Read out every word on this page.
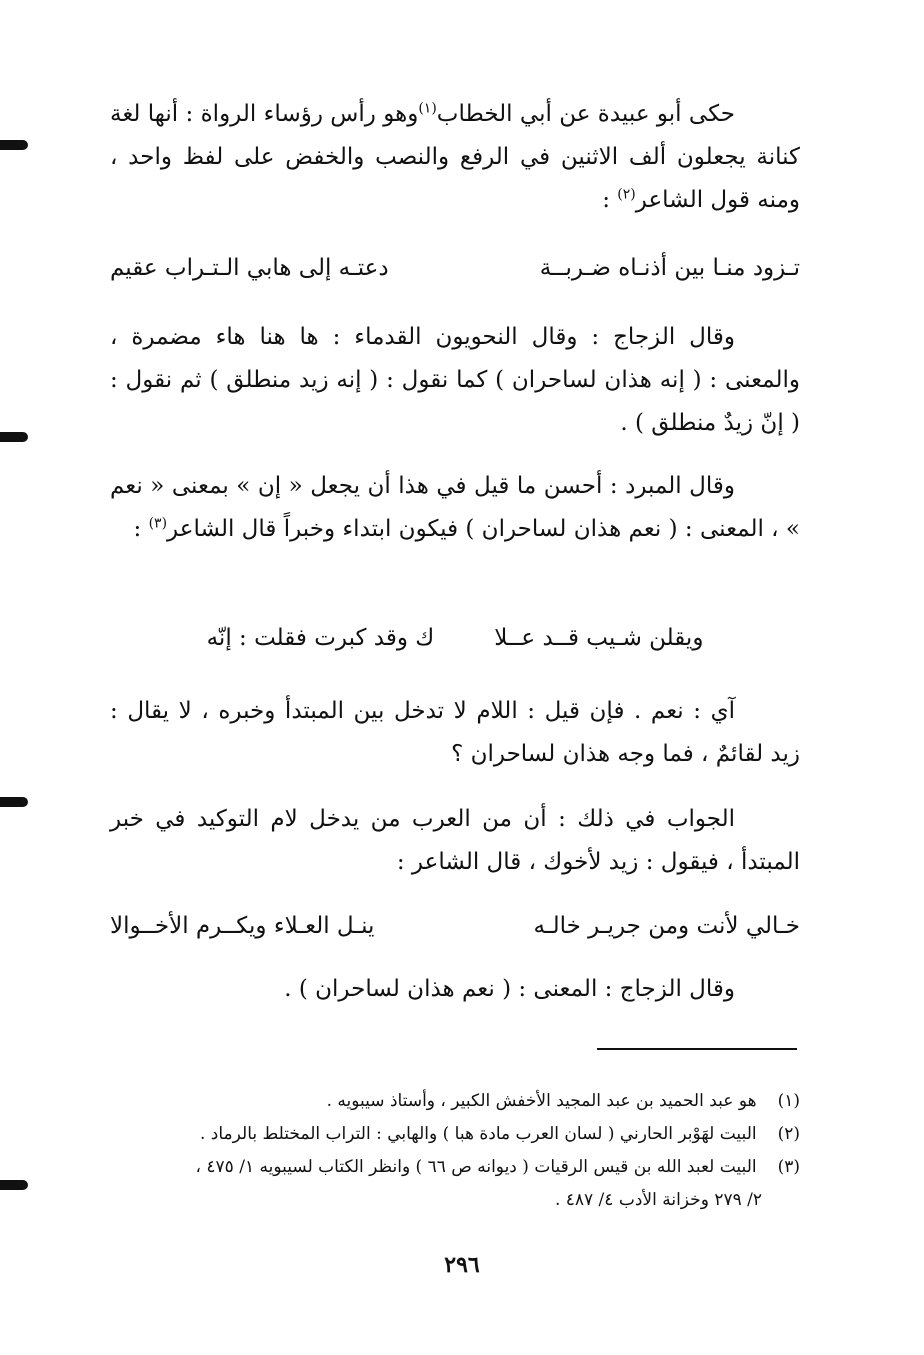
حكى أبو عبيدة عن أبي الخطاب$^{(١)}$وهو رأس رؤساء الرواة : أنها لغة كنانة يجعلون ألف الاثنين في الرفع والنصب والخفض على لفظ واحد ، ومنه قول الشاعر$^{(٢)}$ :

تـزود منـا بين أذنـاه ضـربــة
دعتـه إلى هابي الـتـراب عقيم

وقال الزجاج : وقال النحويون القدماء : ها هنا هاء مضمرة ، والمعنى : ( إنه هذان لساحران ) كما نقول : ( إنه زيد منطلق ) ثم نقول : ( إنّ زيدٌ منطلق ) .

وقال المبرد : أحسن ما قيل في هذا أن يجعل « إن » بمعنى « نعم » ، المعنى : ( نعم هذان لساحران ) فيكون ابتداء وخبراً قال الشاعر$^{(٣)}$ :

ويقلن شـيب قــد عــلا
ك وقد كبرت فقلت : إنّه

آي : نعم . فإن قيل : اللام لا تدخل بين المبتدأ وخبره ، لا يقال : زيد لقائمٌ ، فما وجه هذان لساحران ؟

الجواب في ذلك : أن من العرب من يدخل لام التوكيد في خبر المبتدأ ، فيقول : زيد لأخوك ، قال الشاعر :

خـالي لأنت ومن جريـر خالـه
ينـل العـلاء ويكــرم الأخــوالا

وقال الزجاج : المعنى : ( نعم هذان لساحران ) .

(١) هو عبد الحميد بن عبد المجيد الأخفش الكبير ، وأستاذ سيبويه .
(٢) البيت لهَوْبر الحارني ( لسان العرب مادة هبا ) والهابي : التراب المختلط بالرماد .
(٣) البيت لعبد الله بن قيس الرقيات ( ديوانه ص ٦٦ ) وانظر الكتاب لسيبويه ١/ ٤٧٥ ،
٢/ ٢٧٩ وخزانة الأدب ٤/ ٤٨٧ .
٢٩٦
